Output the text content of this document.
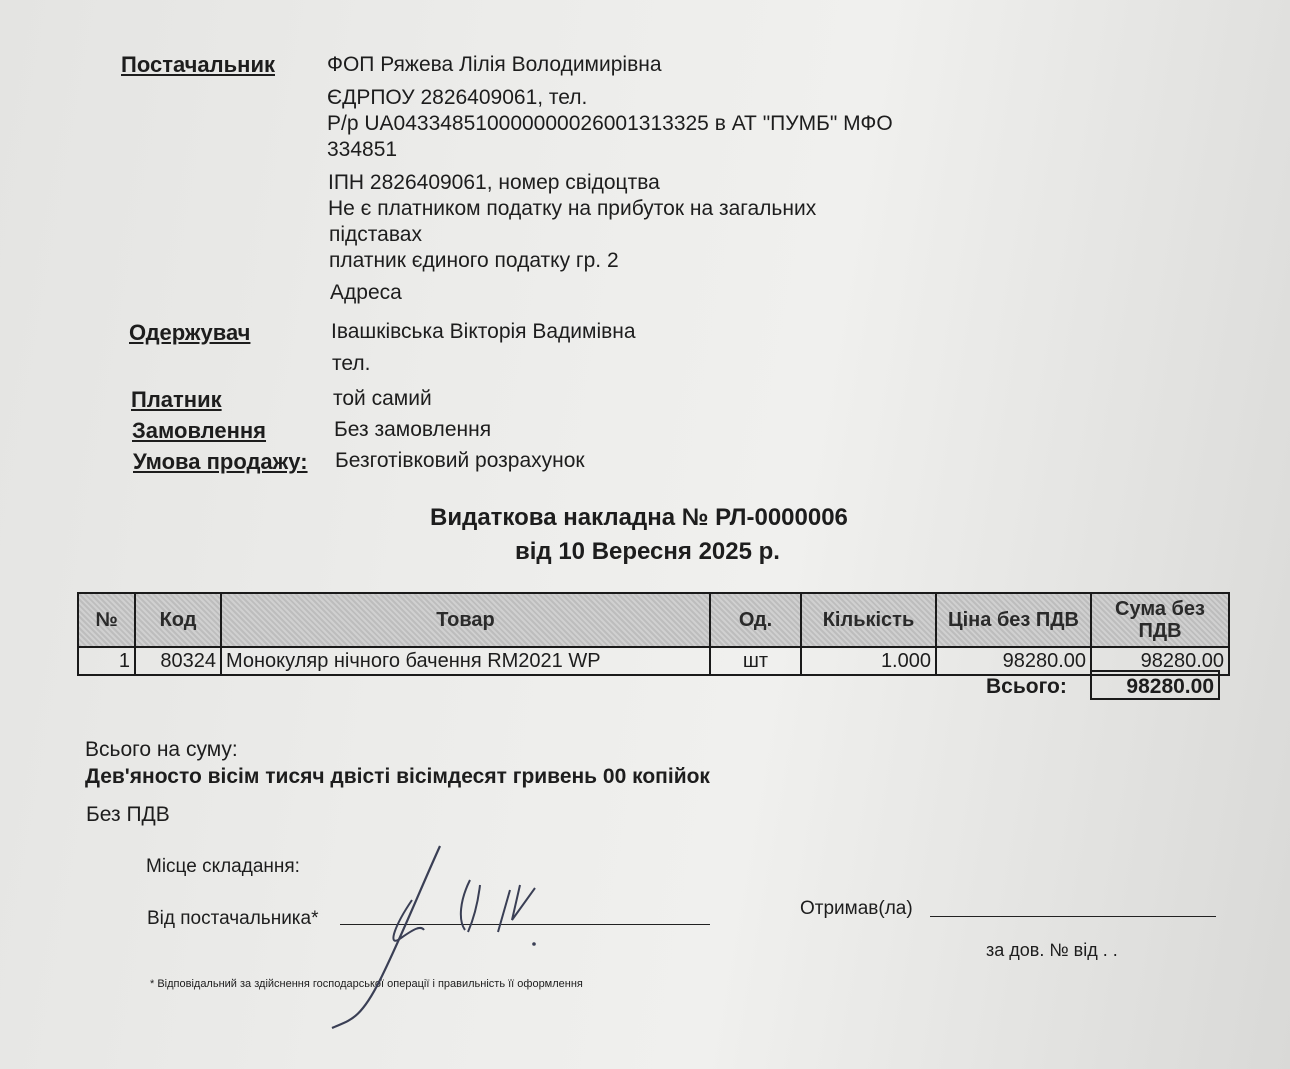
Постачальник ФОП Ряжева Лілія Володимирівна
ЄДРПОУ 2826409061, тел.
Р/р UA043348510000000026001313325 в АТ "ПУМБ" МФО
334851
ІПН 2826409061, номер свідоцтва
Не є платником податку на прибуток на загальних
підставах
платник єдиного податку гр. 2
Адреса
Одержувач	Івашківська Вікторія Вадимівна
тел.
Платник	той самий
Замовлення	Без замовлення
Умова продажу: Безготівковий розрахунок
Видаткова накладна № РЛ-0000006
від 10 Вересня 2025 р.
№	Код	Товар	Од.	Кількість	Ціна без ПДВ	Сума без ПДВ
1	80324	Монокуляр нічного бачення RM2021 WP	шт	1.000	98280.00	98280.00
Всього:	98280.00
Всього на суму:
Дев'яносто вісім тисяч двісті вісімдесят гривень 00 копійок
Без ПДВ
Місце складання:
Від постачальника*	Отримав(ла)
за дов. № від . .
* Відповідальний за здійснення господарської операції і правильність її оформлення
